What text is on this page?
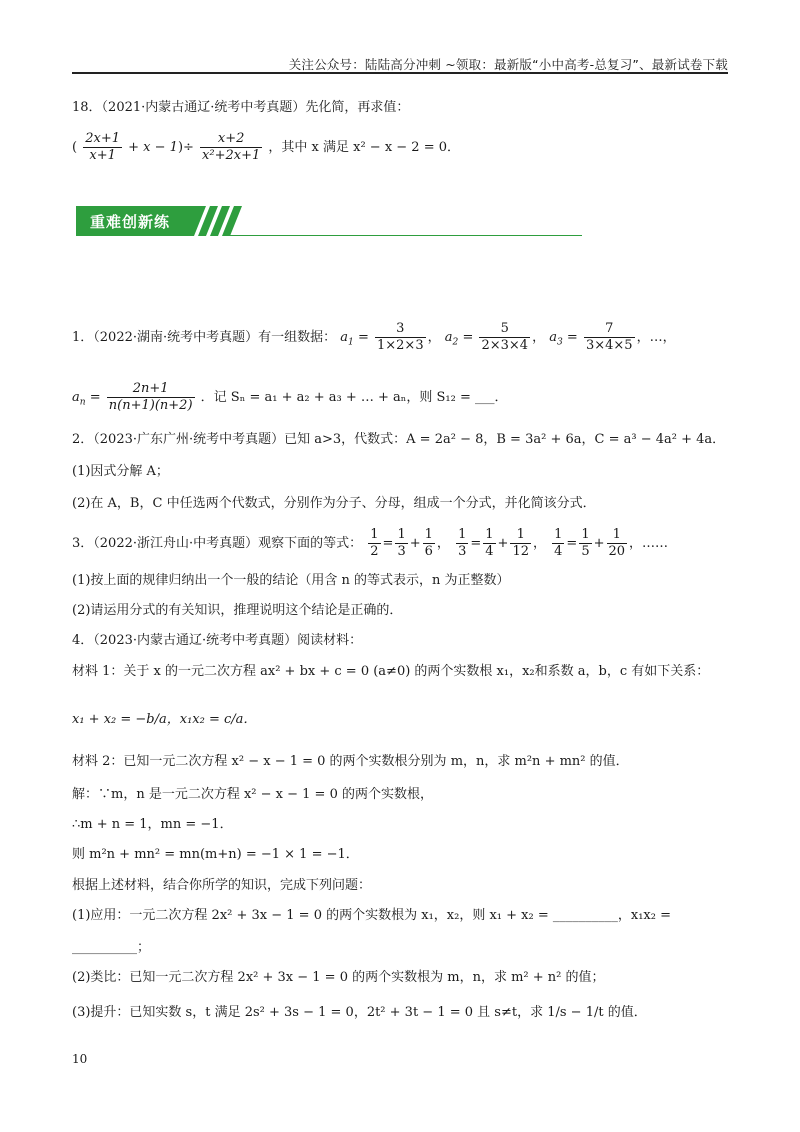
关注公众号：陆陆高分冲刺 ~领取：最新版“小中高考-总复习”、最新试卷下载
18．（2021·内蒙古通辽·统考中考真题）先化简，再求值：
( $\frac{2x+1}{x+1} + x - 1)\div \frac{x+2}{\text{x²+2x+1}}$ ，其中 x 满足 x² − x − 2 = 0．
重难创新练
1．（2022·湖南·统考中考真题）有一组数据： $a_1 = \frac{3}{1\times 2\times 3}$ ， $a_2 = \frac{5}{2\times 3\times 4}$ ， $a_3 = \frac{7}{3\times 4\times 5}$ ，…，
$a_n = \frac{2n+1}{n(n+1)(n+2)}$ ．记 Sₙ = a₁ + a₂ + a₃ + … + aₙ，则 S₁₂ = ___．
2．（2023·广东广州·统考中考真题）已知 a>3，代数式：A = 2a² − 8，B = 3a² + 6a，C = a³ − 4a² + 4a．
(1)因式分解 A；
(2)在 A，B，C 中任选两个代数式，分别作为分子、分母，组成一个分式，并化简该分式．
3．（2022·浙江舟山·中考真题）观察下面的等式： $\frac{1}{2} = \frac{1}{3} + \frac{1}{6}$ ， $\frac{1}{3} = \frac{1}{4} + \frac{1}{12}$ ， $\frac{1}{4} = \frac{1}{5} + \frac{1}{20}$ ，……
(1)按上面的规律归纳出一个一般的结论（用含 n 的等式表示，n 为正整数）
(2)请运用分式的有关知识，推理说明这个结论是正确的．
4．（2023·内蒙古通辽·统考中考真题）阅读材料：
材料 1：关于 x 的一元二次方程 ax² + bx + c = 0 (a≠0) 的两个实数根 x₁，x₂和系数 a，b，c 有如下关系：
x₁ + x₂ = −b/a，x₁x₂ = c/a．
材料 2：已知一元二次方程 x² − x − 1 = 0 的两个实数根分别为 m，n，求 m²n + mn² 的值．
解：∵m，n 是一元二次方程 x² − x − 1 = 0 的两个实数根，
∴m + n = 1，mn = −1．
则 m²n + mn² = mn(m+n) = −1 × 1 = −1．
根据上述材料，结合你所学的知识，完成下列问题：
(1)应用：一元二次方程 2x² + 3x − 1 = 0 的两个实数根为 x₁，x₂，则 x₁ + x₂ = __________，x₁x₂ =
__________；
(2)类比：已知一元二次方程 2x² + 3x − 1 = 0 的两个实数根为 m，n，求 m² + n² 的值；
(3)提升：已知实数 s，t 满足 2s² + 3s − 1 = 0，2t² + 3t − 1 = 0 且 s≠t，求 1/s − 1/t 的值．
10
